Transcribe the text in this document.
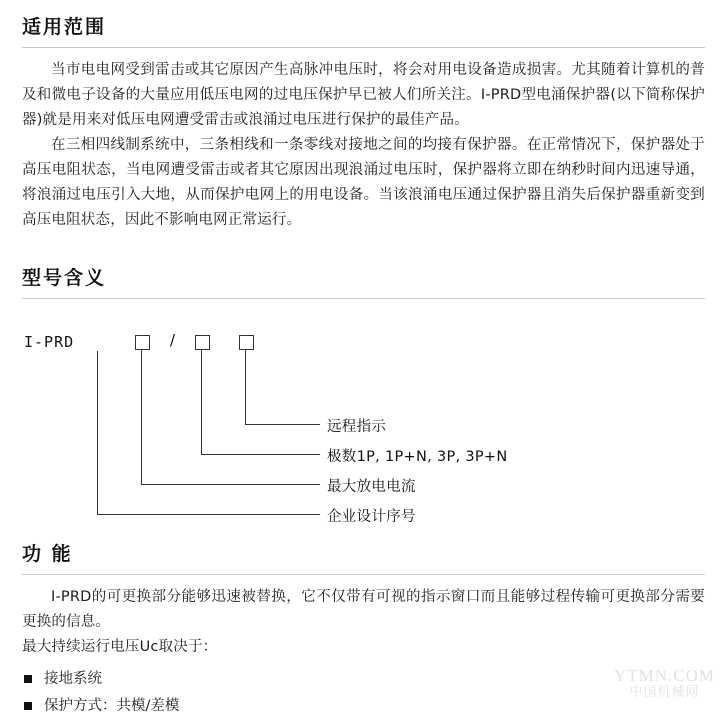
适用范围

当市电电网受到雷击或其它原因产生高脉冲电压时，将会对用电设备造成损害。尤其随着计算机的普及和微电子设备的大量应用低压电网的过电压保护早已被人们所关注。I-PRD型电涌保护器(以下简称保护器)就是用来对低压电网遭受雷击或浪涌过电压进行保护的最佳产品。

在三相四线制系统中，三条相线和一条零线对接地之间的均接有保护器。在正常情况下，保护器处于高压电阻状态，当电网遭受雷击或者其它原因出现浪涌过电压时，保护器将立即在纳秒时间内迅速导通，将浪涌过电压引入大地，从而保护电网上的用电设备。当该浪涌电压通过保护器且消失后保护器重新变到高压电阻状态，因此不影响电网正常运行。

型号含义
I-PRD	/
远程指示
极数1P, 1P+N, 3P, 3P+N
最大放电电流
企业设计序号
功 能

I-PRD的可更换部分能够迅速被替换，它不仅带有可视的指示窗口而且能够过程传输可更换部分需要更换的信息。

最大持续运行电压Uc取决于：

接地系统
保护方式：共模/差模
YTMN.COM
中国机械网
